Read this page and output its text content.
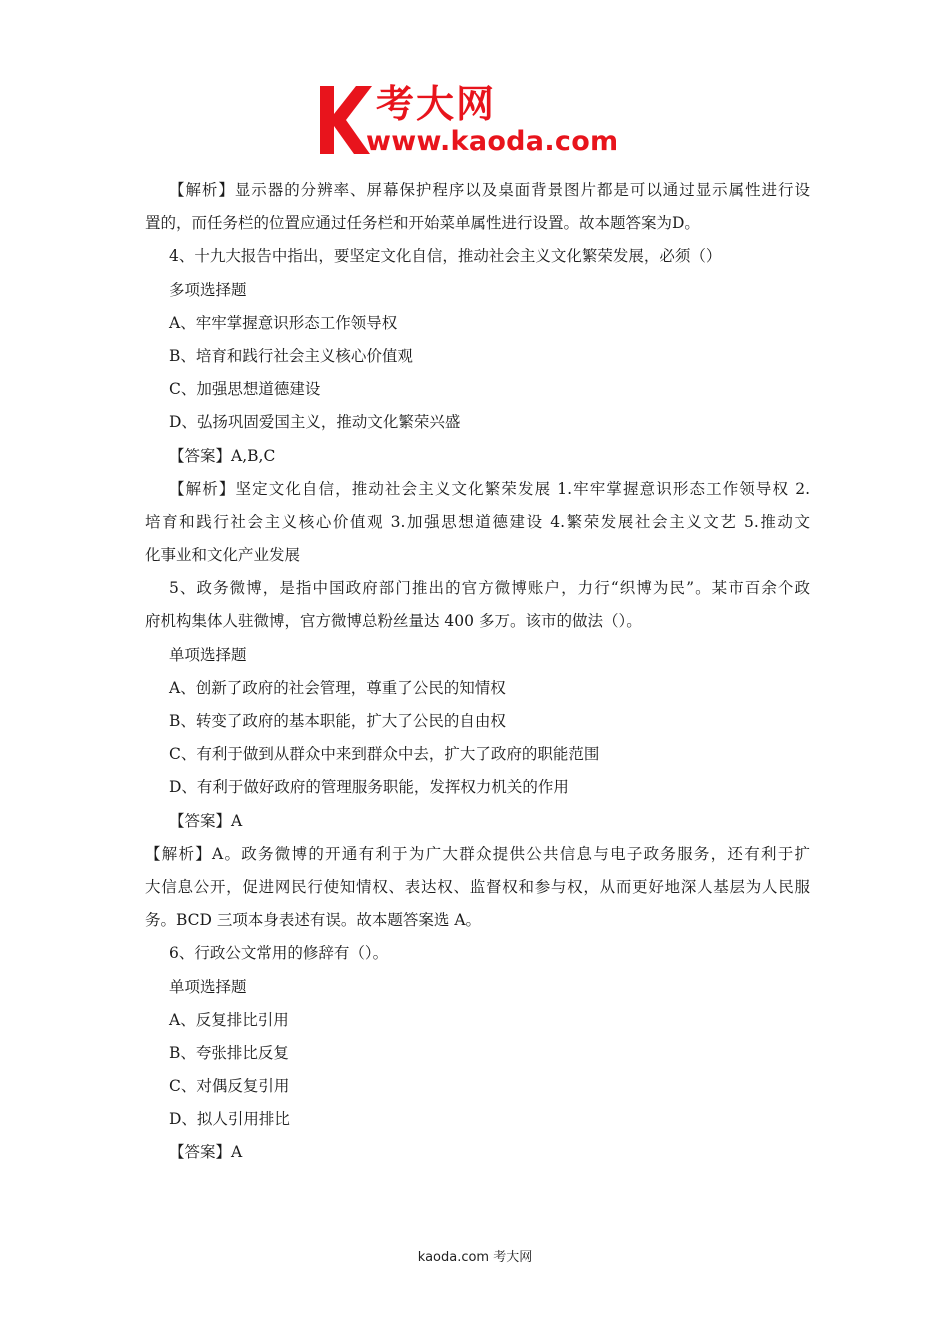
考大网
www.kaoda.com
【解析】显示器的分辨率、屏幕保护程序以及桌面背景图片都是可以通过显示属性进行设
置的，而任务栏的位置应通过任务栏和开始菜单属性进行设置。故本题答案为D。
4、十九大报告中指出，要坚定文化自信，推动社会主义文化繁荣发展，必须（）
多项选择题
A、牢牢掌握意识形态工作领导权
B、培育和践行社会主义核心价值观
C、加强思想道德建设
D、弘扬巩固爱国主义，推动文化繁荣兴盛
【答案】A,B,C
【解析】坚定文化自信，推动社会主义文化繁荣发展 1.牢牢掌握意识形态工作领导权 2.
培育和践行社会主义核心价值观 3.加强思想道德建设 4.繁荣发展社会主义文艺 5.推动文
化事业和文化产业发展
5、政务微博，是指中国政府部门推出的官方微博账户，力行“织博为民”。某市百余个政
府机构集体人驻微博，官方微博总粉丝量达 400 多万。该市的做法（）。
单项选择题
A、创新了政府的社会管理，尊重了公民的知情权
B、转变了政府的基本职能，扩大了公民的自由权
C、有利于做到从群众中来到群众中去，扩大了政府的职能范围
D、有利于做好政府的管理服务职能，发挥权力机关的作用
【答案】A
【解析】A。政务微博的开通有利于为广大群众提供公共信息与电子政务服务，还有利于扩
大信息公开，促进网民行使知情权、表达权、监督权和参与权，从而更好地深人基层为人民服
务。BCD 三项本身表述有误。故本题答案选 A。
6、行政公文常用的修辞有（）。
单项选择题
A、反复排比引用
B、夸张排比反复
C、对偶反复引用
D、拟人引用排比
【答案】A
kaoda.com 考大网
